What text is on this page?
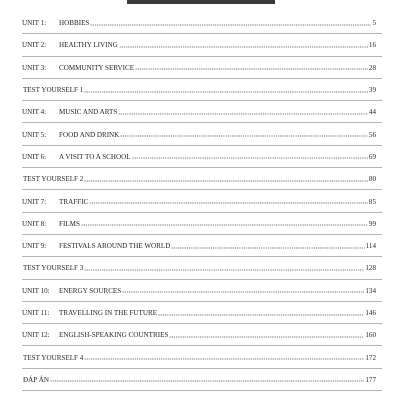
UNIT 1:	HOBBIES	5
UNIT 2:	HEALTHY LIVING	16
UNIT 3:	COMMUNITY SERVICE	28
TEST YOURSELF 1	39
UNIT 4:	MUSIC AND ARTS	44
UNIT 5:	FOOD AND DRINK	56
UNIT 6:	A VISIT TO A SCHOOL	69
TEST YOURSELF 2	80
UNIT 7:	TRAFFIC	85
UNIT 8:	FILMS	99
UNIT 9:	FESTIVALS AROUND THE WORLD	114
TEST YOURSELF 3	128
UNIT 10:	ENERGY SOURCES	134
UNIT 11:	TRAVELLING IN THE FUTURE	146
UNIT 12:	ENGLISH-SPEAKING COUNTRIES	160
TEST YOURSELF 4	172
ĐÁP ÁN	177
